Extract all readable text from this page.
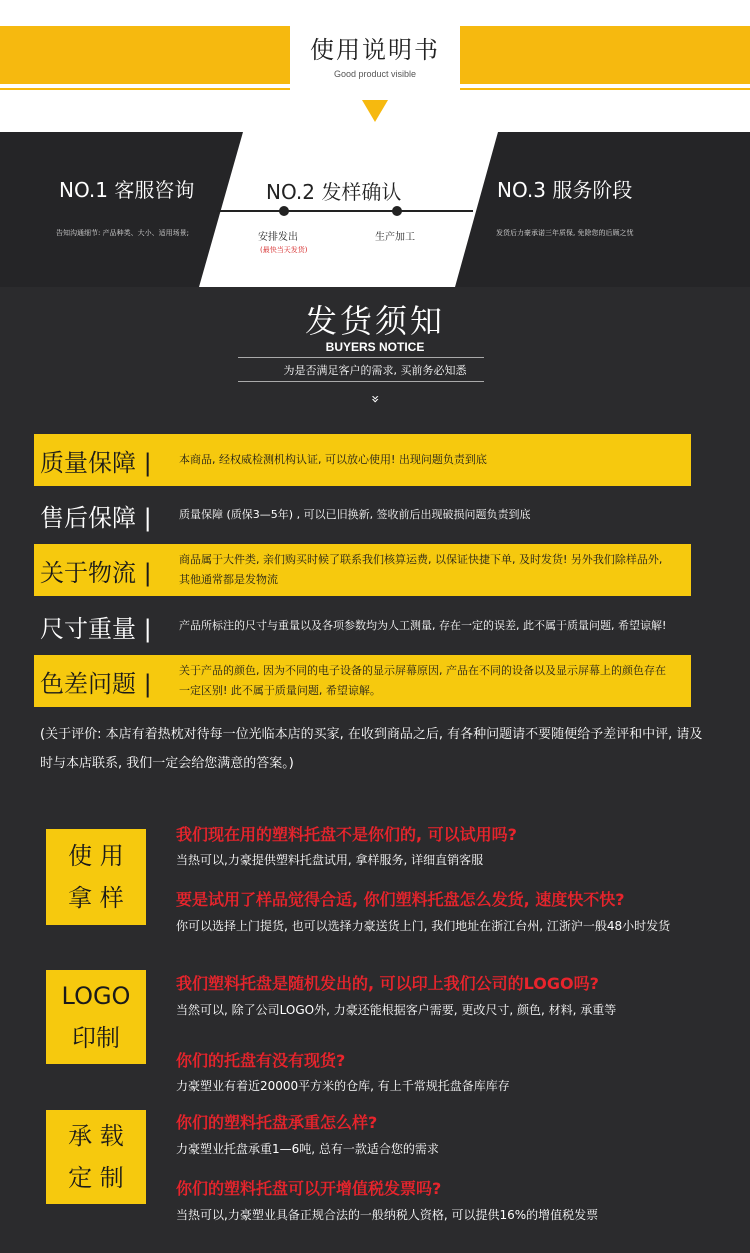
使用说明书
Good product visible
NO.1 客服咨询
告知沟通细节: 产品种类、大小、适用场景;
NO.2 发样确认
安排发出
(最快当天发货)
生产加工
NO.3 服务阶段
发货后力豪承诺三年质保, 免除您的后顾之忧
发货须知
BUYERS NOTICE
为是否满足客户的需求, 买前务必知悉
»
质量保障 | 本商品, 经权威检测机构认证, 可以放心使用! 出现问题负责到底
售后保障 | 质量保障 (质保3—5年) , 可以已旧换新, 签收前后出现破损问题负责到底
关于物流 | 商品属于大件类, 亲们购买时候了联系我们核算运费, 以保证快捷下单, 及时发货! 另外我们除样品外, 其他通常都是发物流
尺寸重量 | 产品所标注的尺寸与重量以及各项参数均为人工测量, 存在一定的误差, 此不属于质量问题, 希望谅解!
色差问题 | 关于产品的颜色, 因为不同的电子设备的显示屏幕原因, 产品在不同的设备以及显示屏幕上的颜色存在一定区别! 此不属于质量问题, 希望谅解。
(关于评价: 本店有着热枕对待每一位光临本店的买家, 在收到商品之后, 有各种问题请不要随便给予差评和中评, 请及时与本店联系, 我们一定会给您满意的答案。)
使 用
拿 样
LOGO
印制
承 载
定 制
我们现在用的塑料托盘不是你们的, 可以试用吗?
当热可以,力豪提供塑料托盘试用, 拿样服务, 详细直销客服
要是试用了样品觉得合适, 你们塑料托盘怎么发货, 速度快不快?
你可以选择上门提货, 也可以选择力豪送货上门, 我们地址在浙江台州, 江浙沪一般48小时发货
我们塑料托盘是随机发出的, 可以印上我们公司的LOGO吗?
当然可以, 除了公司LOGO外, 力豪还能根据客户需要, 更改尺寸, 颜色, 材料, 承重等
你们的托盘有没有现货?
力豪塑业有着近20000平方米的仓库, 有上千常规托盘备库库存
你们的塑料托盘承重怎么样?
力豪塑业托盘承重1—6吨, 总有一款适合您的需求
你们的塑料托盘可以开增值税发票吗?
当热可以,力豪塑业具备正规合法的一般纳税人资格, 可以提供16%的增值税发票
